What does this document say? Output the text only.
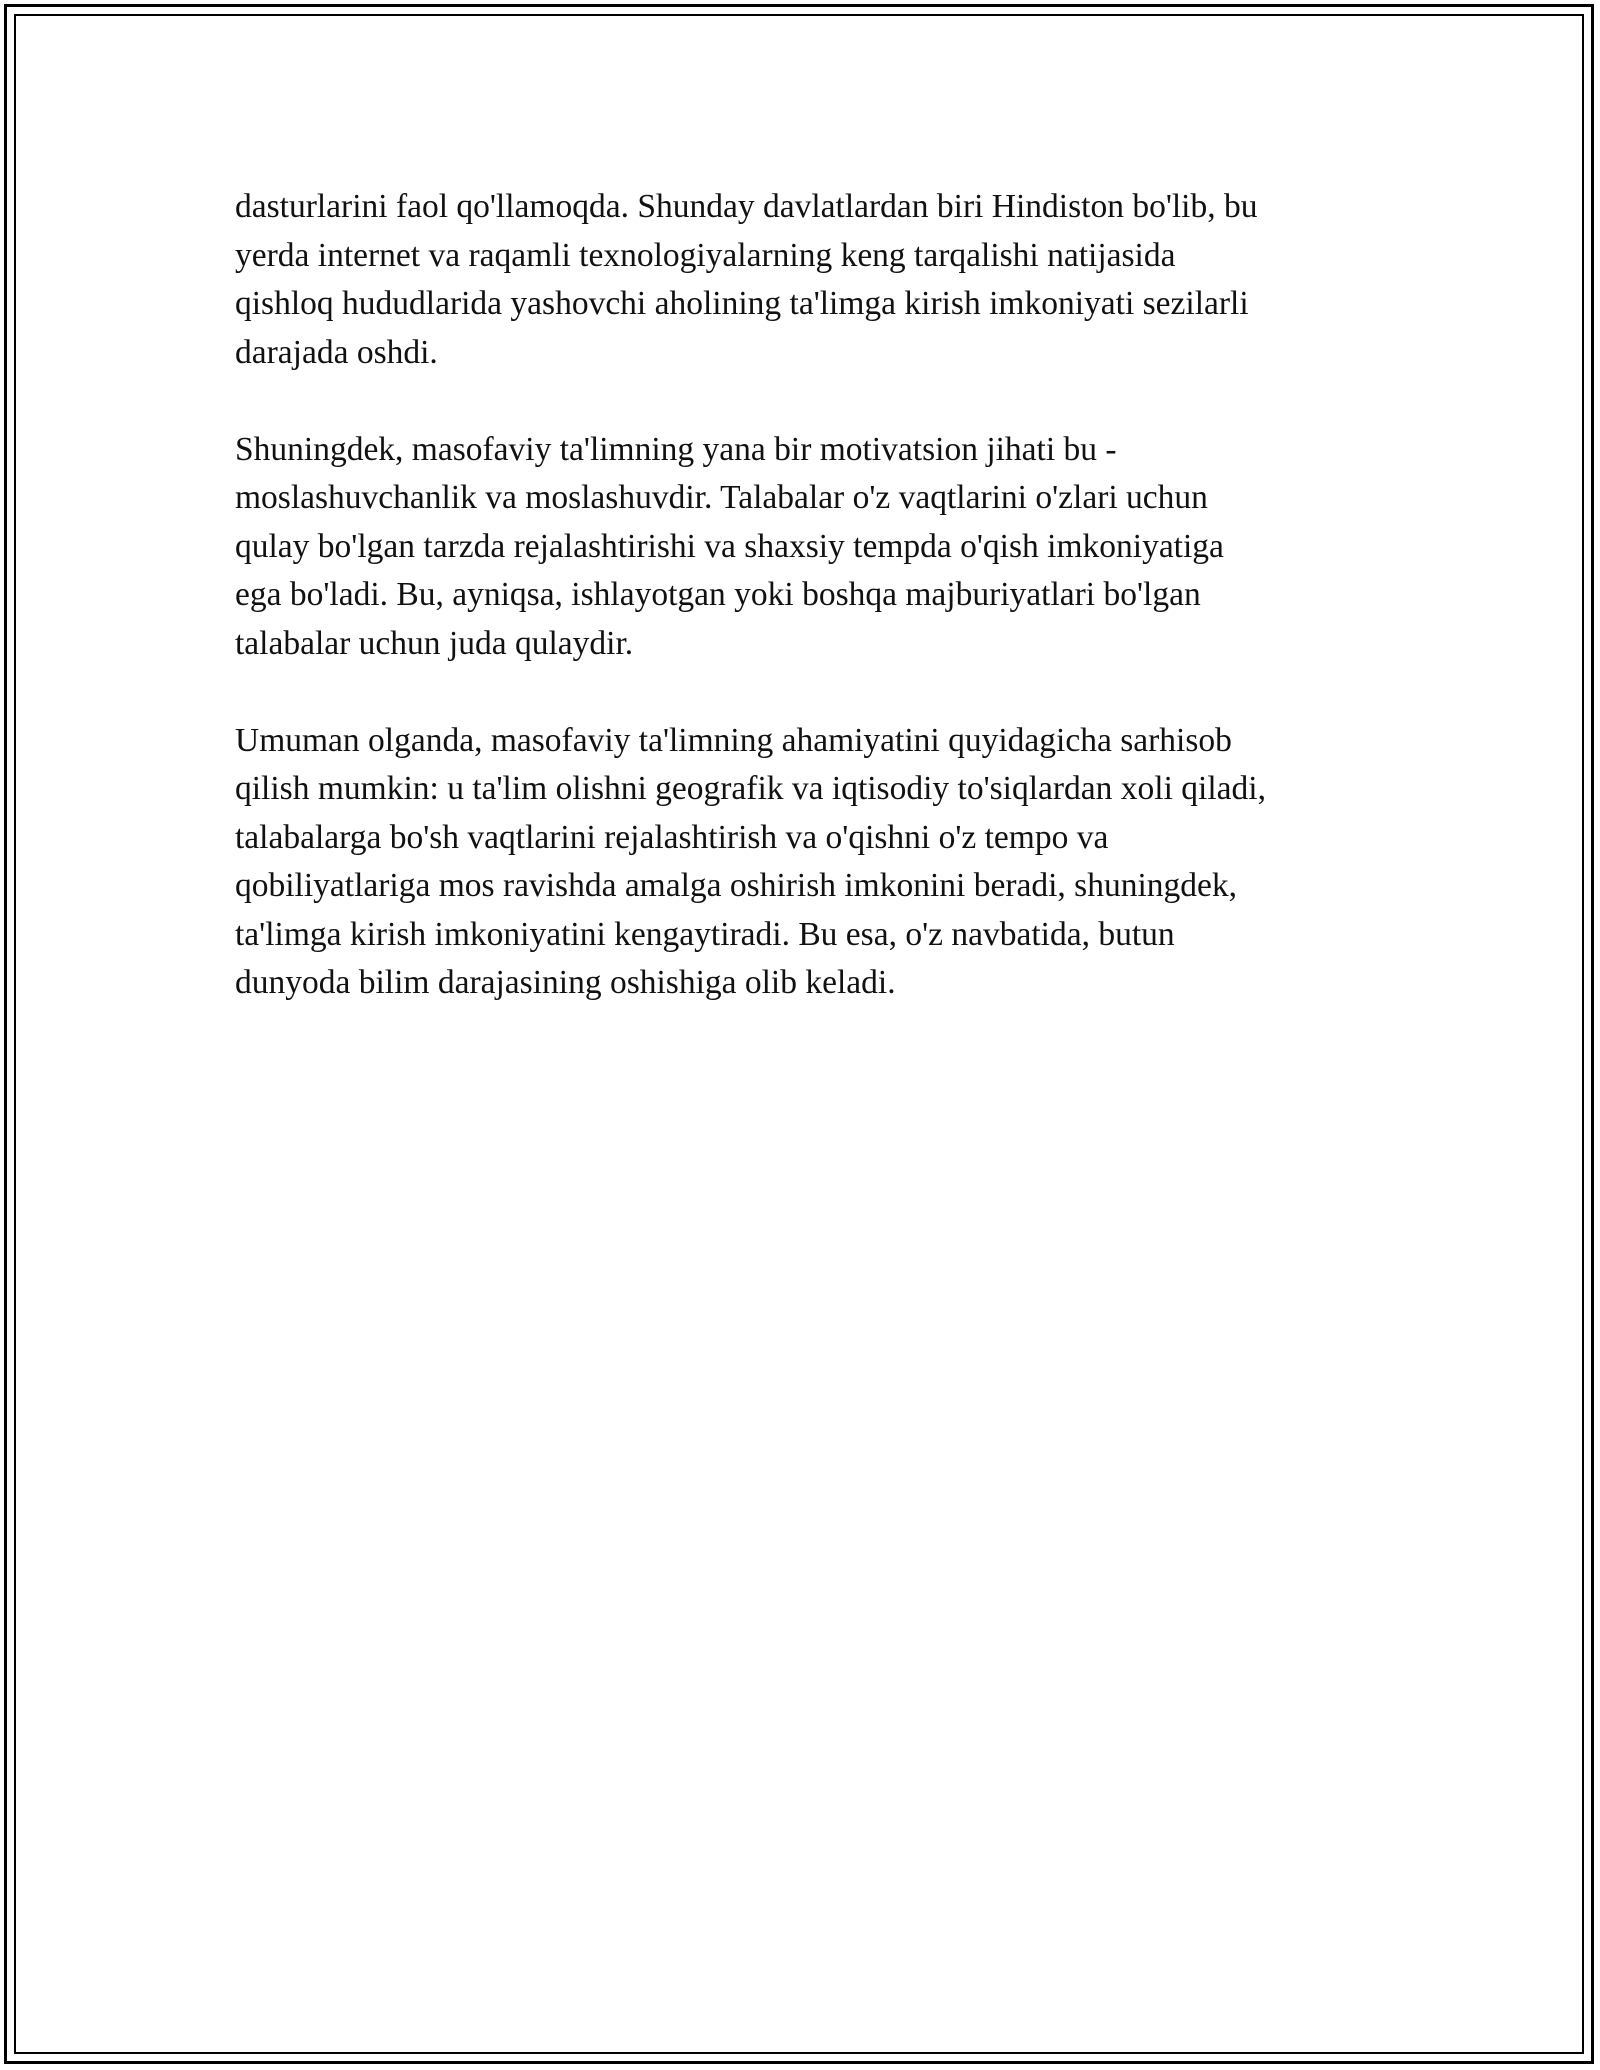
dasturlarini faol qo'llamoqda. Shunday davlatlardan biri Hindiston bo'lib, bu
yerda internet va raqamli texnologiyalarning keng tarqalishi natijasida
qishloq hududlarida yashovchi aholining ta'limga kirish imkoniyati sezilarli
darajada oshdi.

Shuningdek, masofaviy ta'limning yana bir motivatsion jihati bu -
moslashuvchanlik va moslashuvdir. Talabalar o'z vaqtlarini o'zlari uchun
qulay bo'lgan tarzda rejalashtirishi va shaxsiy tempda o'qish imkoniyatiga
ega bo'ladi. Bu, ayniqsa, ishlayotgan yoki boshqa majburiyatlari bo'lgan
talabalar uchun juda qulaydir.

Umuman olganda, masofaviy ta'limning ahamiyatini quyidagicha sarhisob
qilish mumkin: u ta'lim olishni geografik va iqtisodiy to'siqlardan xoli qiladi,
talabalarga bo'sh vaqtlarini rejalashtirish va o'qishni o'z tempo va
qobiliyatlariga mos ravishda amalga oshirish imkonini beradi, shuningdek,
ta'limga kirish imkoniyatini kengaytiradi. Bu esa, o'z navbatida, butun
dunyoda bilim darajasining oshishiga olib keladi.
